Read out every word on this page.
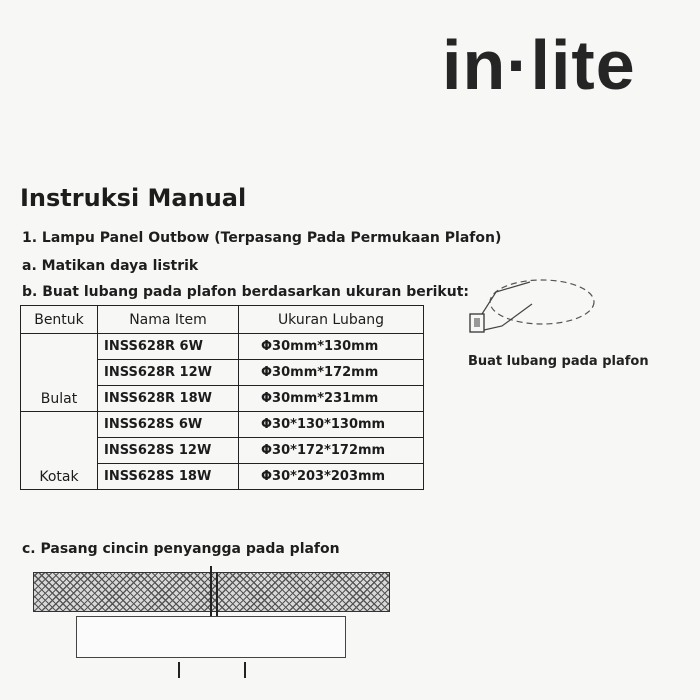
in·lite
Instruksi Manual
1. Lampu Panel Outbow (Terpasang Pada Permukaan Plafon)
a. Matikan daya listrik
b. Buat lubang pada plafon berdasarkan ukuran berikut:
Bentuk	Nama Item	Ukuran Lubang
Bulat	INSS628R 6W	Φ30mm*130mm
	INSS628R 12W	Φ30mm*172mm
	INSS628R 18W	Φ30mm*231mm
Kotak	INSS628S 6W	Φ30*130*130mm
	INSS628S 12W	Φ30*172*172mm
	INSS628S 18W	Φ30*203*203mm
Buat lubang pada plafon
c. Pasang cincin penyangga pada plafon
